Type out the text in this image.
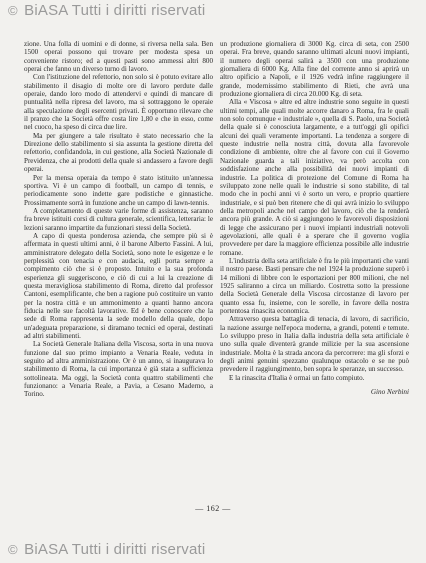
© BiASA Tutti i diritti riservati

zione. Una folla di uomini e di donne, si riversa nella sala. Ben 1500 operai possono qui trovare per modesta spesa un conveniente ristoro; ed a questi pasti sono ammessi altri 800 operai che fanno un diverso turno di lavoro.

Con l'istituzione del refettorio, non solo si è potuto evitare allo stabilimento il disagio di molte ore di lavoro perdute dalle operaie, dando loro modo di attendervi e quindi di mancare di puntualità nella ripresa del lavoro, ma si sottraggono le operaie alla speculazione degli esercenti privati. È opportuno rilevare che il pranzo che la Società offre costa lire 1,80 e che in esso, come nel cuoco, ha speso di circa due lire.

Ma per giungere a tale risultato è stato necessario che la Direzione dello stabilimento si sia assunta la gestione diretta del refettorio, confidandola, in cui gestione, alla Società Nazionale di Previdenza, che ai prodotti della quale si andassero a favore degli operai.

Per la mensa operaia da tempo è stato istituito un'annessa sportiva. Vi è un campo di football, un campo di tennis, e periodicamente sono indette gare podistiche e ginnastiche. Prossimamente sorrà in funzione anche un campo di lawn-tennis.

A completamento di queste varie forme di assistenza, saranno fra breve istituiti corsi di cultura generale, scientifica, letteraria: le lezioni saranno impartite da funzionari stessi della Società.

A capo di questa ponderosa azienda, che sempre più si è affermata in questi ultimi anni, è il barone Alberto Fassini. A lui, amministratore delegato della Società, sono note le esigenze e le perplessità con tenacia e con audacia, egli porta sempre a compimento ciò che si è proposto. Intuito e la sua profonda esperienza gli suggeriscono, e ciò di cui a lui la creazione di questa meravigliosa stabilimento di Roma, diretto dal professor Cantoni, esemplificante, che ben a ragione può costituire un vanto per la nostra città e un ammonimento a quanti hanno ancora fiducia nelle sue facoltà lavorative. Ed è bene conoscere che la sede di Roma rappresenta la sede modello della quale, dopo un'adeguata preparazione, si diramano tecnici ed operai, destinati ad altri stabilimenti.

La Società Generale Italiana della Viscosa, sorta in una nuova funzione dal suo primo impianto a Venaria Reale, veduta in seguito ad altra amministrazione. Or è un anno, si inaugurava lo stabilimento di Roma, la cui importanza è già stata a sufficienza sottolineata. Ma oggi, la Società conta quattro stabilimenti che funzionano: a Venaria Reale, a Pavia, a Cesano Maderno, a Torino.

un produzione giornaliera di 3000 Kg. circa di seta, con 2500 operai. Fra breve, quando saranno ultimati alcuni nuovi impianti, il numero degli operai salirà a 3500 con una produzione giornaliera di 6000 Kg. Alla fine del corrente anno si aprirà un altro opificio a Napoli, e il 1926 vedrà infine raggiungere il grande, modernissimo stabilimento di Rieti, che avrà una produzione giornaliera di circa 20.000 Kg. di seta.

Alla « Viscosa » altre ed altre industrie sono seguite in questi ultimi tempi, alle quali molte accorre danaro a Roma, fra le quali non solo comunque « industriale », quella di S. Paolo, una Società della quale si è conosciuta largamente, e a tutt'oggi gli opifici alcuni dei quali veramente importanti. La tendenza a sorgere di queste industrie nella nostra città, dovuta alla favorevole condizione di ambiente, oltre che al favore con cui il Governo Nazionale guarda a tali iniziative, va però accolta con soddisfazione anche alla possibilità dei nuovi impianti di industrie. La politica di protezione del Comune di Roma ha sviluppato zone nelle quali le industrie si sono stabilite, di tal modo che in pochi anni vi è sorto un vero, e proprio quartiere industriale, e si può ben ritenere che di qui avrà inizio lo sviluppo della metropoli anche nel campo del lavoro, ciò che la renderà ancora più grande. A ciò si aggiungono le favorevoli disposizioni di legge che assicurano per i nuovi impianti industriali notevoli agevolazioni, alle quali è a sperare che il governo voglia provvedere per dare la maggiore efficienza possibile alle industrie romane.

L'industria della seta artificiale è fra le più importanti che vanti il nostro paese. Basti pensare che nel 1924 la produzione superò i 14 milioni di libbre con le esportazioni per 800 milioni, che nel 1925 saliranno a circa un miliardo. Costretta sotto la pressione della Società Generale della Viscosa circostanze di lavoro per quanto essa fu, insieme, con le sorelle, in favore della nostra portentosa rinascita economica.

Attraverso questa battaglia di tenacia, di lavoro, di sacrificio, la nazione assurge nell'epoca moderna, a grandi, potenti e temute. Lo sviluppo preso in Italia dalla industria della seta artificiale è uno sulla quale diventerà grande milizie per la sua ascensione industriale. Molta è la strada ancora da percorrere: ma gli sforzi e degli animi genuini spezzano qualunque ostacolo e se ne può prevedere il raggiungimento, ben sopra le speranze, un successo.

E la rinascita d'Italia è ormai un fatto compiuto.

Gino Nerbini
— 162 —
© BiASA Tutti i diritti riservati
